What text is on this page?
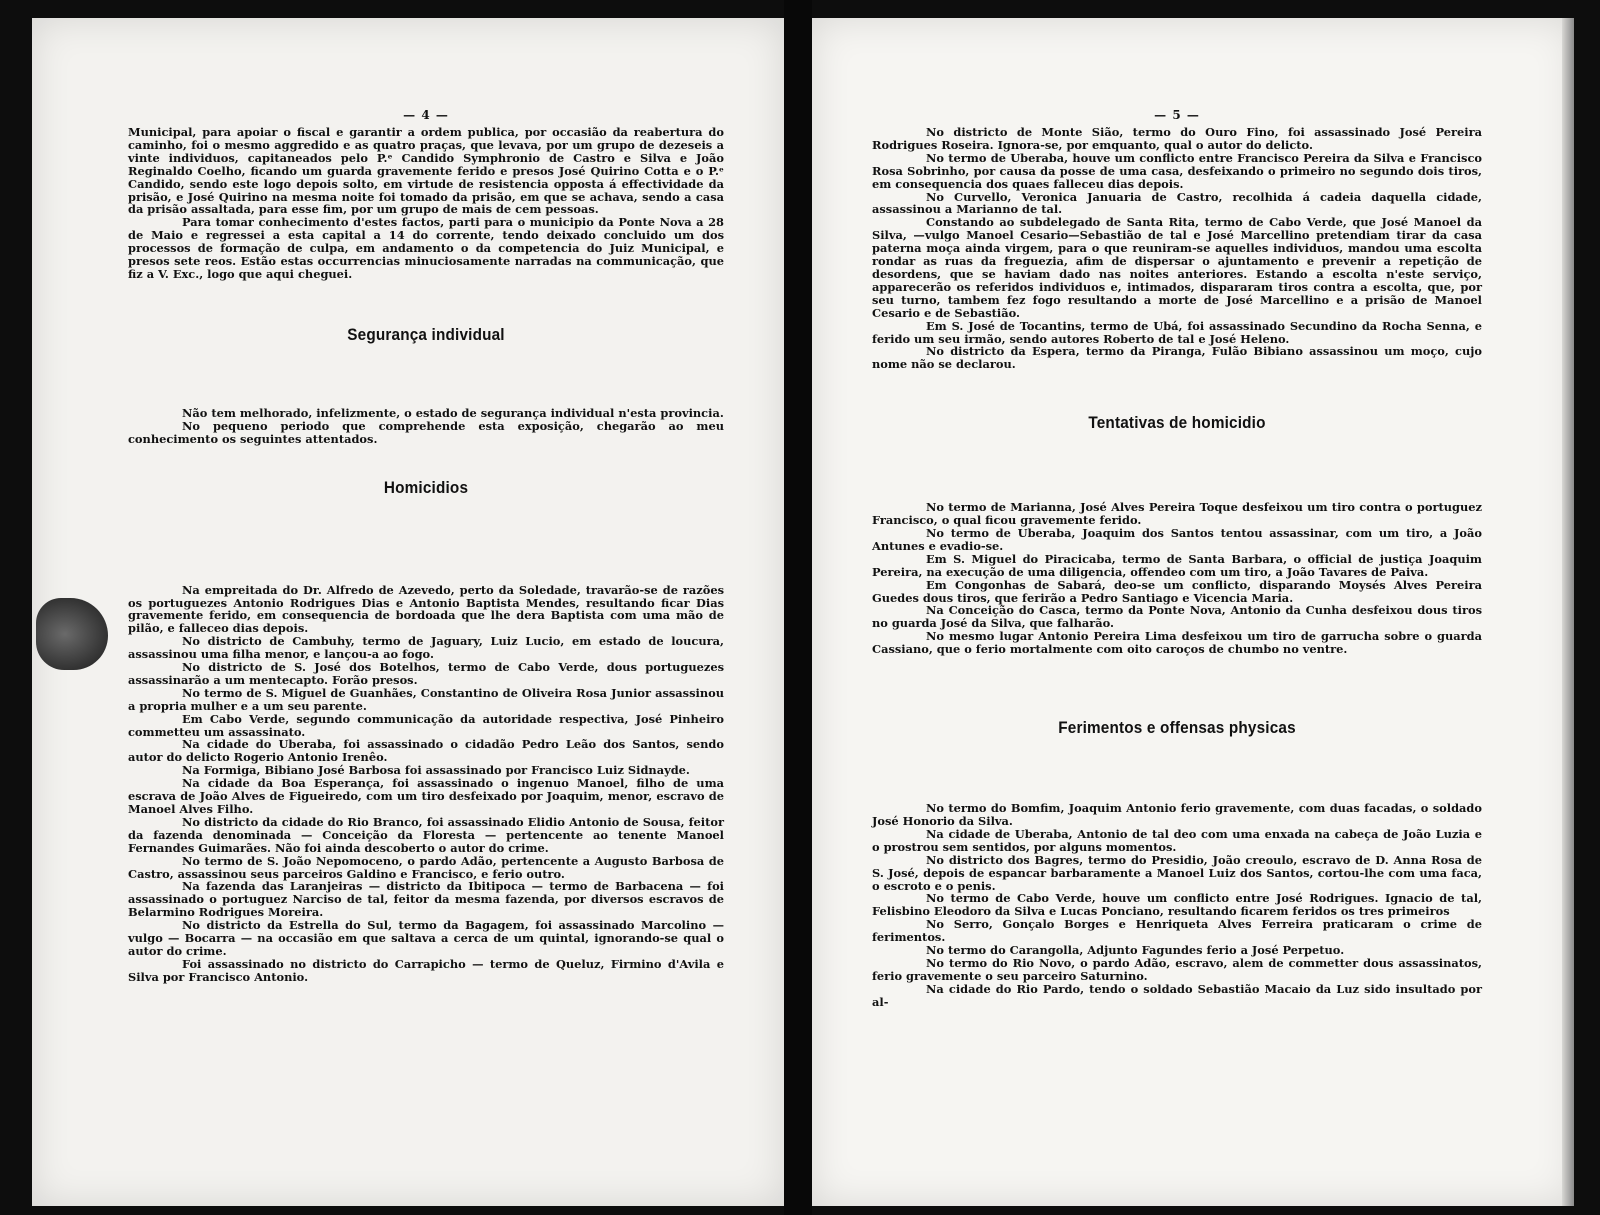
— 4 —

Municipal, para apoiar o fiscal e garantir a ordem publica, por occasião da reabertura do caminho, foi o mesmo aggredido e as quatro praças, que levava, por um grupo de dezeseis a vinte individuos, capitaneados pelo P.ᵉ Candido Symphronio de Castro e Silva e João Reginaldo Coelho, ficando um guarda gravemente ferido e presos José Quirino Cotta e o P.ᵉ Candido, sendo este logo depois solto, em virtude de resistencia opposta á effectividade da prisão, e José Quirino na mesma noite foi tomado da prisão, em que se achava, sendo a casa da prisão assaltada, para esse fim, por um grupo de mais de cem pessoas.

Para tomar conhecimento d'estes factos, parti para o municipio da Ponte Nova a 28 de Maio e regressei a esta capital a 14 do corrente, tendo deixado concluido um dos processos de formação de culpa, em andamento o da competencia do Juiz Municipal, e presos sete reos. Estão estas occurrencias minuciosamente narradas na communicação, que fiz a V. Exc., logo que aqui cheguei.

Segurança individual

Não tem melhorado, infelizmente, o estado de segurança individual n'esta provincia.

No pequeno periodo que comprehende esta exposição, chegarão ao meu conhecimento os seguintes attentados.

Homicidios

Na empreitada do Dr. Alfredo de Azevedo, perto da Soledade, travarão-se de razões os portuguezes Antonio Rodrigues Dias e Antonio Baptista Mendes, resultando ficar Dias gravemente ferido, em consequencia de bordoada que lhe dera Baptista com uma mão de pilão, e falleceo dias depois.

No districto de Cambuhy, termo de Jaguary, Luiz Lucio, em estado de loucura, assassinou uma filha menor, e lançou-a ao fogo.

No districto de S. José dos Botelhos, termo de Cabo Verde, dous portuguezes assassinarão a um mentecapto. Forão presos.

No termo de S. Miguel de Guanhães, Constantino de Oliveira Rosa Junior assassinou a propria mulher e a um seu parente.

Em Cabo Verde, segundo communicação da autoridade respectiva, José Pinheiro commetteu um assassinato.

Na cidade do Uberaba, foi assassinado o cidadão Pedro Leão dos Santos, sendo autor do delicto Rogerio Antonio Irenêo.

Na Formiga, Bibiano José Barbosa foi assassinado por Francisco Luiz Sidnayde.

Na cidade da Boa Esperança, foi assassinado o ingenuo Manoel, filho de uma escrava de João Alves de Figueiredo, com um tiro desfeixado por Joaquim, menor, escravo de Manoel Alves Filho.

No districto da cidade do Rio Branco, foi assassinado Elidio Antonio de Sousa, feitor da fazenda denominada — Conceição da Floresta — pertencente ao tenente Manoel Fernandes Guimarães. Não foi ainda descoberto o autor do crime.

No termo de S. João Nepomoceno, o pardo Adão, pertencente a Augusto Barbosa de Castro, assassinou seus parceiros Galdino e Francisco, e ferio outro.

Na fazenda das Laranjeiras — districto da Ibitipoca — termo de Barbacena — foi assassinado o portuguez Narciso de tal, feitor da mesma fazenda, por diversos escravos de Belarmino Rodrigues Moreira.

No districto da Estrella do Sul, termo da Bagagem, foi assassinado Marcolino — vulgo — Bocarra — na occasião em que saltava a cerca de um quintal, ignorando-se qual o autor do crime.

Foi assassinado no districto do Carrapicho — termo de Queluz, Firmino d'Avila e Silva por Francisco Antonio.

— 5 —

No districto de Monte Sião, termo do Ouro Fino, foi assassinado José Pereira Rodrigues Roseira. Ignora-se, por emquanto, qual o autor do delicto.

No termo de Uberaba, houve um conflicto entre Francisco Pereira da Silva e Francisco Rosa Sobrinho, por causa da posse de uma casa, desfeixando o primeiro no segundo dois tiros, em consequencia dos quaes falleceu dias depois.

No Curvello, Veronica Januaria de Castro, recolhida á cadeia daquella cidade, assassinou a Marianno de tal.

Constando ao subdelegado de Santa Rita, termo de Cabo Verde, que José Manoel da Silva, —vulgo Manoel Cesario—Sebastião de tal e José Marcellino pretendiam tirar da casa paterna moça ainda virgem, para o que reuniram-se aquelles individuos, mandou uma escolta rondar as ruas da freguezia, afim de dispersar o ajuntamento e prevenir a repetição de desordens, que se haviam dado nas noites anteriores. Estando a escolta n'este serviço, apparecerão os referidos individuos e, intimados, dispararam tiros contra a escolta, que, por seu turno, tambem fez fogo resultando a morte de José Marcellino e a prisão de Manoel Cesario e de Sebastião.

Em S. José de Tocantins, termo de Ubá, foi assassinado Secundino da Rocha Senna, e ferido um seu irmão, sendo autores Roberto de tal e José Heleno.

No districto da Espera, termo da Piranga, Fulão Bibiano assassinou um moço, cujo nome não se declarou.

Tentativas de homicidio

No termo de Marianna, José Alves Pereira Toque desfeixou um tiro contra o portuguez Francisco, o qual ficou gravemente ferido.

No termo de Uberaba, Joaquim dos Santos tentou assassinar, com um tiro, a João Antunes e evadio-se.

Em S. Miguel do Piracicaba, termo de Santa Barbara, o official de justiça Joaquim Pereira, na execução de uma diligencia, offendeo com um tiro, a João Tavares de Paiva.

Em Congonhas de Sabará, deo-se um conflicto, disparando Moysés Alves Pereira Guedes dous tiros, que ferirão a Pedro Santiago e Vicencia Maria.

Na Conceição do Casca, termo da Ponte Nova, Antonio da Cunha desfeixou dous tiros no guarda José da Silva, que falharão.

No mesmo lugar Antonio Pereira Lima desfeixou um tiro de garrucha sobre o guarda Cassiano, que o ferio mortalmente com oito caroços de chumbo no ventre.

Ferimentos e offensas physicas

No termo do Bomfim, Joaquim Antonio ferio gravemente, com duas facadas, o soldado José Honorio da Silva.

Na cidade de Uberaba, Antonio de tal deo com uma enxada na cabeça de João Luzia e o prostrou sem sentidos, por alguns momentos.

No districto dos Bagres, termo do Presidio, João creoulo, escravo de D. Anna Rosa de S. José, depois de espancar barbaramente a Manoel Luiz dos Santos, cortou-lhe com uma faca, o escroto e o penis.

No termo de Cabo Verde, houve um conflicto entre José Rodrigues. Ignacio de tal, Felisbino Eleodoro da Silva e Lucas Ponciano, resultando ficarem feridos os tres primeiros

No Serro, Gonçalo Borges e Henriqueta Alves Ferreira praticaram o crime de ferimentos.

No termo do Carangolla, Adjunto Fagundes ferio a José Perpetuo.

No termo do Rio Novo, o pardo Adão, escravo, alem de commetter dous assassinatos, ferio gravemente o seu parceiro Saturnino.

Na cidade do Rio Pardo, tendo o soldado Sebastião Macaio da Luz sido insultado por al-
